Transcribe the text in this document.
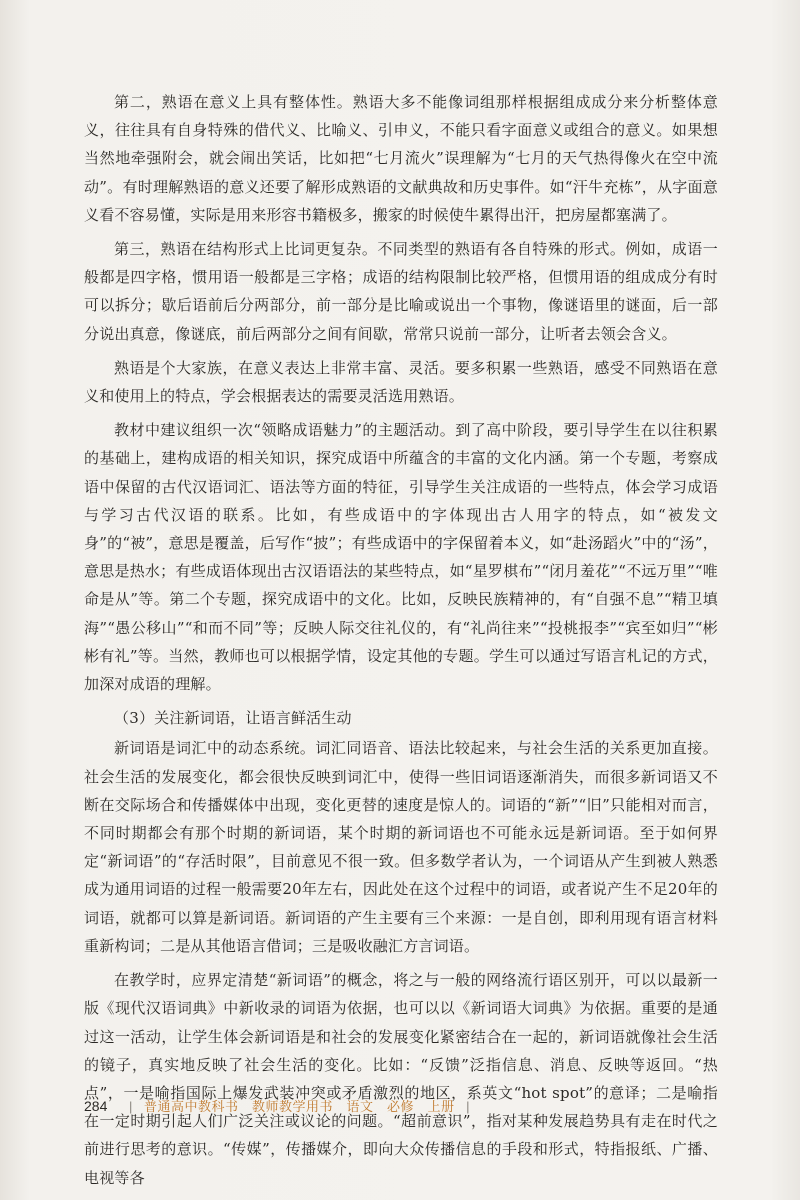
第二，熟语在意义上具有整体性。熟语大多不能像词组那样根据组成成分来分析整体意义，往往具有自身特殊的借代义、比喻义、引申义，不能只看字面意义或组合的意义。如果想当然地牵强附会，就会闹出笑话，比如把“七月流火”误理解为“七月的天气热得像火在空中流动”。有时理解熟语的意义还要了解形成熟语的文献典故和历史事件。如“汗牛充栋”，从字面意义看不容易懂，实际是用来形容书籍极多，搬家的时候使牛累得出汗，把房屋都塞满了。

第三，熟语在结构形式上比词更复杂。不同类型的熟语有各自特殊的形式。例如，成语一般都是四字格，惯用语一般都是三字格；成语的结构限制比较严格，但惯用语的组成成分有时可以拆分；歇后语前后分两部分，前一部分是比喻或说出一个事物，像谜语里的谜面，后一部分说出真意，像谜底，前后两部分之间有间歇，常常只说前一部分，让听者去领会含义。

熟语是个大家族，在意义表达上非常丰富、灵活。要多积累一些熟语，感受不同熟语在意义和使用上的特点，学会根据表达的需要灵活选用熟语。

教材中建议组织一次“领略成语魅力”的主题活动。到了高中阶段，要引导学生在以往积累的基础上，建构成语的相关知识，探究成语中所蕴含的丰富的文化内涵。第一个专题，考察成语中保留的古代汉语词汇、语法等方面的特征，引导学生关注成语的一些特点，体会学习成语与学习古代汉语的联系。比如，有些成语中的字体现出古人用字的特点，如“被发文身”的“被”，意思是覆盖，后写作“披”；有些成语中的字保留着本义，如“赴汤蹈火”中的“汤”，意思是热水；有些成语体现出古汉语语法的某些特点，如“星罗棋布”“闭月羞花”“不远万里”“唯命是从”等。第二个专题，探究成语中的文化。比如，反映民族精神的，有“自强不息”“精卫填海”“愚公移山”“和而不同”等；反映人际交往礼仪的，有“礼尚往来”“投桃报李”“宾至如归”“彬彬有礼”等。当然，教师也可以根据学情，设定其他的专题。学生可以通过写语言札记的方式，加深对成语的理解。

（3）关注新词语，让语言鲜活生动

新词语是词汇中的动态系统。词汇同语音、语法比较起来，与社会生活的关系更加直接。社会生活的发展变化，都会很快反映到词汇中，使得一些旧词语逐渐消失，而很多新词语又不断在交际场合和传播媒体中出现，变化更替的速度是惊人的。词语的“新”“旧”只能相对而言，不同时期都会有那个时期的新词语，某个时期的新词语也不可能永远是新词语。至于如何界定“新词语”的“存活时限”，目前意见不很一致。但多数学者认为，一个词语从产生到被人熟悉成为通用词语的过程一般需要20年左右，因此处在这个过程中的词语，或者说产生不足20年的词语，就都可以算是新词语。新词语的产生主要有三个来源：一是自创，即利用现有语言材料重新构词；二是从其他语言借词；三是吸收融汇方言词语。

在教学时，应界定清楚“新词语”的概念，将之与一般的网络流行语区别开，可以以最新一版《现代汉语词典》中新收录的词语为依据，也可以以《新词语大词典》为依据。重要的是通过这一活动，让学生体会新词语是和社会的发展变化紧密结合在一起的，新词语就像社会生活的镜子，真实地反映了社会生活的变化。比如：“反馈”泛指信息、消息、反映等返回。“热点”，一是喻指国际上爆发武装冲突或矛盾激烈的地区，系英文“hot spot”的意译；二是喻指在一定时期引起人们广泛关注或议论的问题。“超前意识”，指对某种发展趋势具有走在时代之前进行思考的意识。“传媒”，传播媒介，即向大众传播信息的手段和形式，特指报纸、广播、电视等各

284 | 普通高中教科书　教师教学用书　语文　必修　上册 |
